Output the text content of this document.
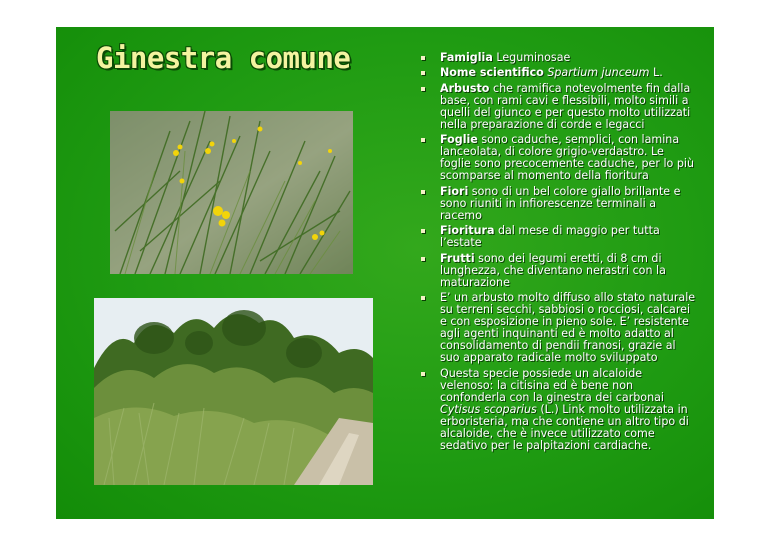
Ginestra comune	Famiglia Leguminosae
Nome scientifico Spartium junceum L.
Arbusto che ramifica notevolmente fin dalla base, con rami cavi e flessibili, molto simili a quelli del giunco e per questo molto utilizzati nella preparazione di corde e legacci
Foglie sono caduche, semplici, con lamina lanceolata, di colore grigio-verdastro. Le foglie sono precocemente caduche, per lo più scomparse al momento della fioritura
Fiori sono di un bel colore giallo brillante e sono riuniti in infiorescenze terminali a racemo
Fioritura dal mese di maggio per tutta l’estate
Frutti sono dei legumi eretti, di 8 cm di lunghezza, che diventano nerastri con la maturazione
E’ un arbusto molto diffuso allo stato naturale su terreni secchi, sabbiosi o rocciosi, calcarei e con esposizione in pieno sole. E’ resistente agli agenti inquinanti ed è molto adatto al consolidamento di pendii franosi, grazie al suo apparato radicale molto sviluppato
Questa specie possiede un alcaloide velenoso: la citisina ed è bene non confonderla con la ginestra dei carbonai Cytisus scoparius (L.) Link molto utilizzata in erboristeria, ma che contiene un altro tipo di alcaloide, che è invece utilizzato come sedativo per le palpitazioni cardiache.
